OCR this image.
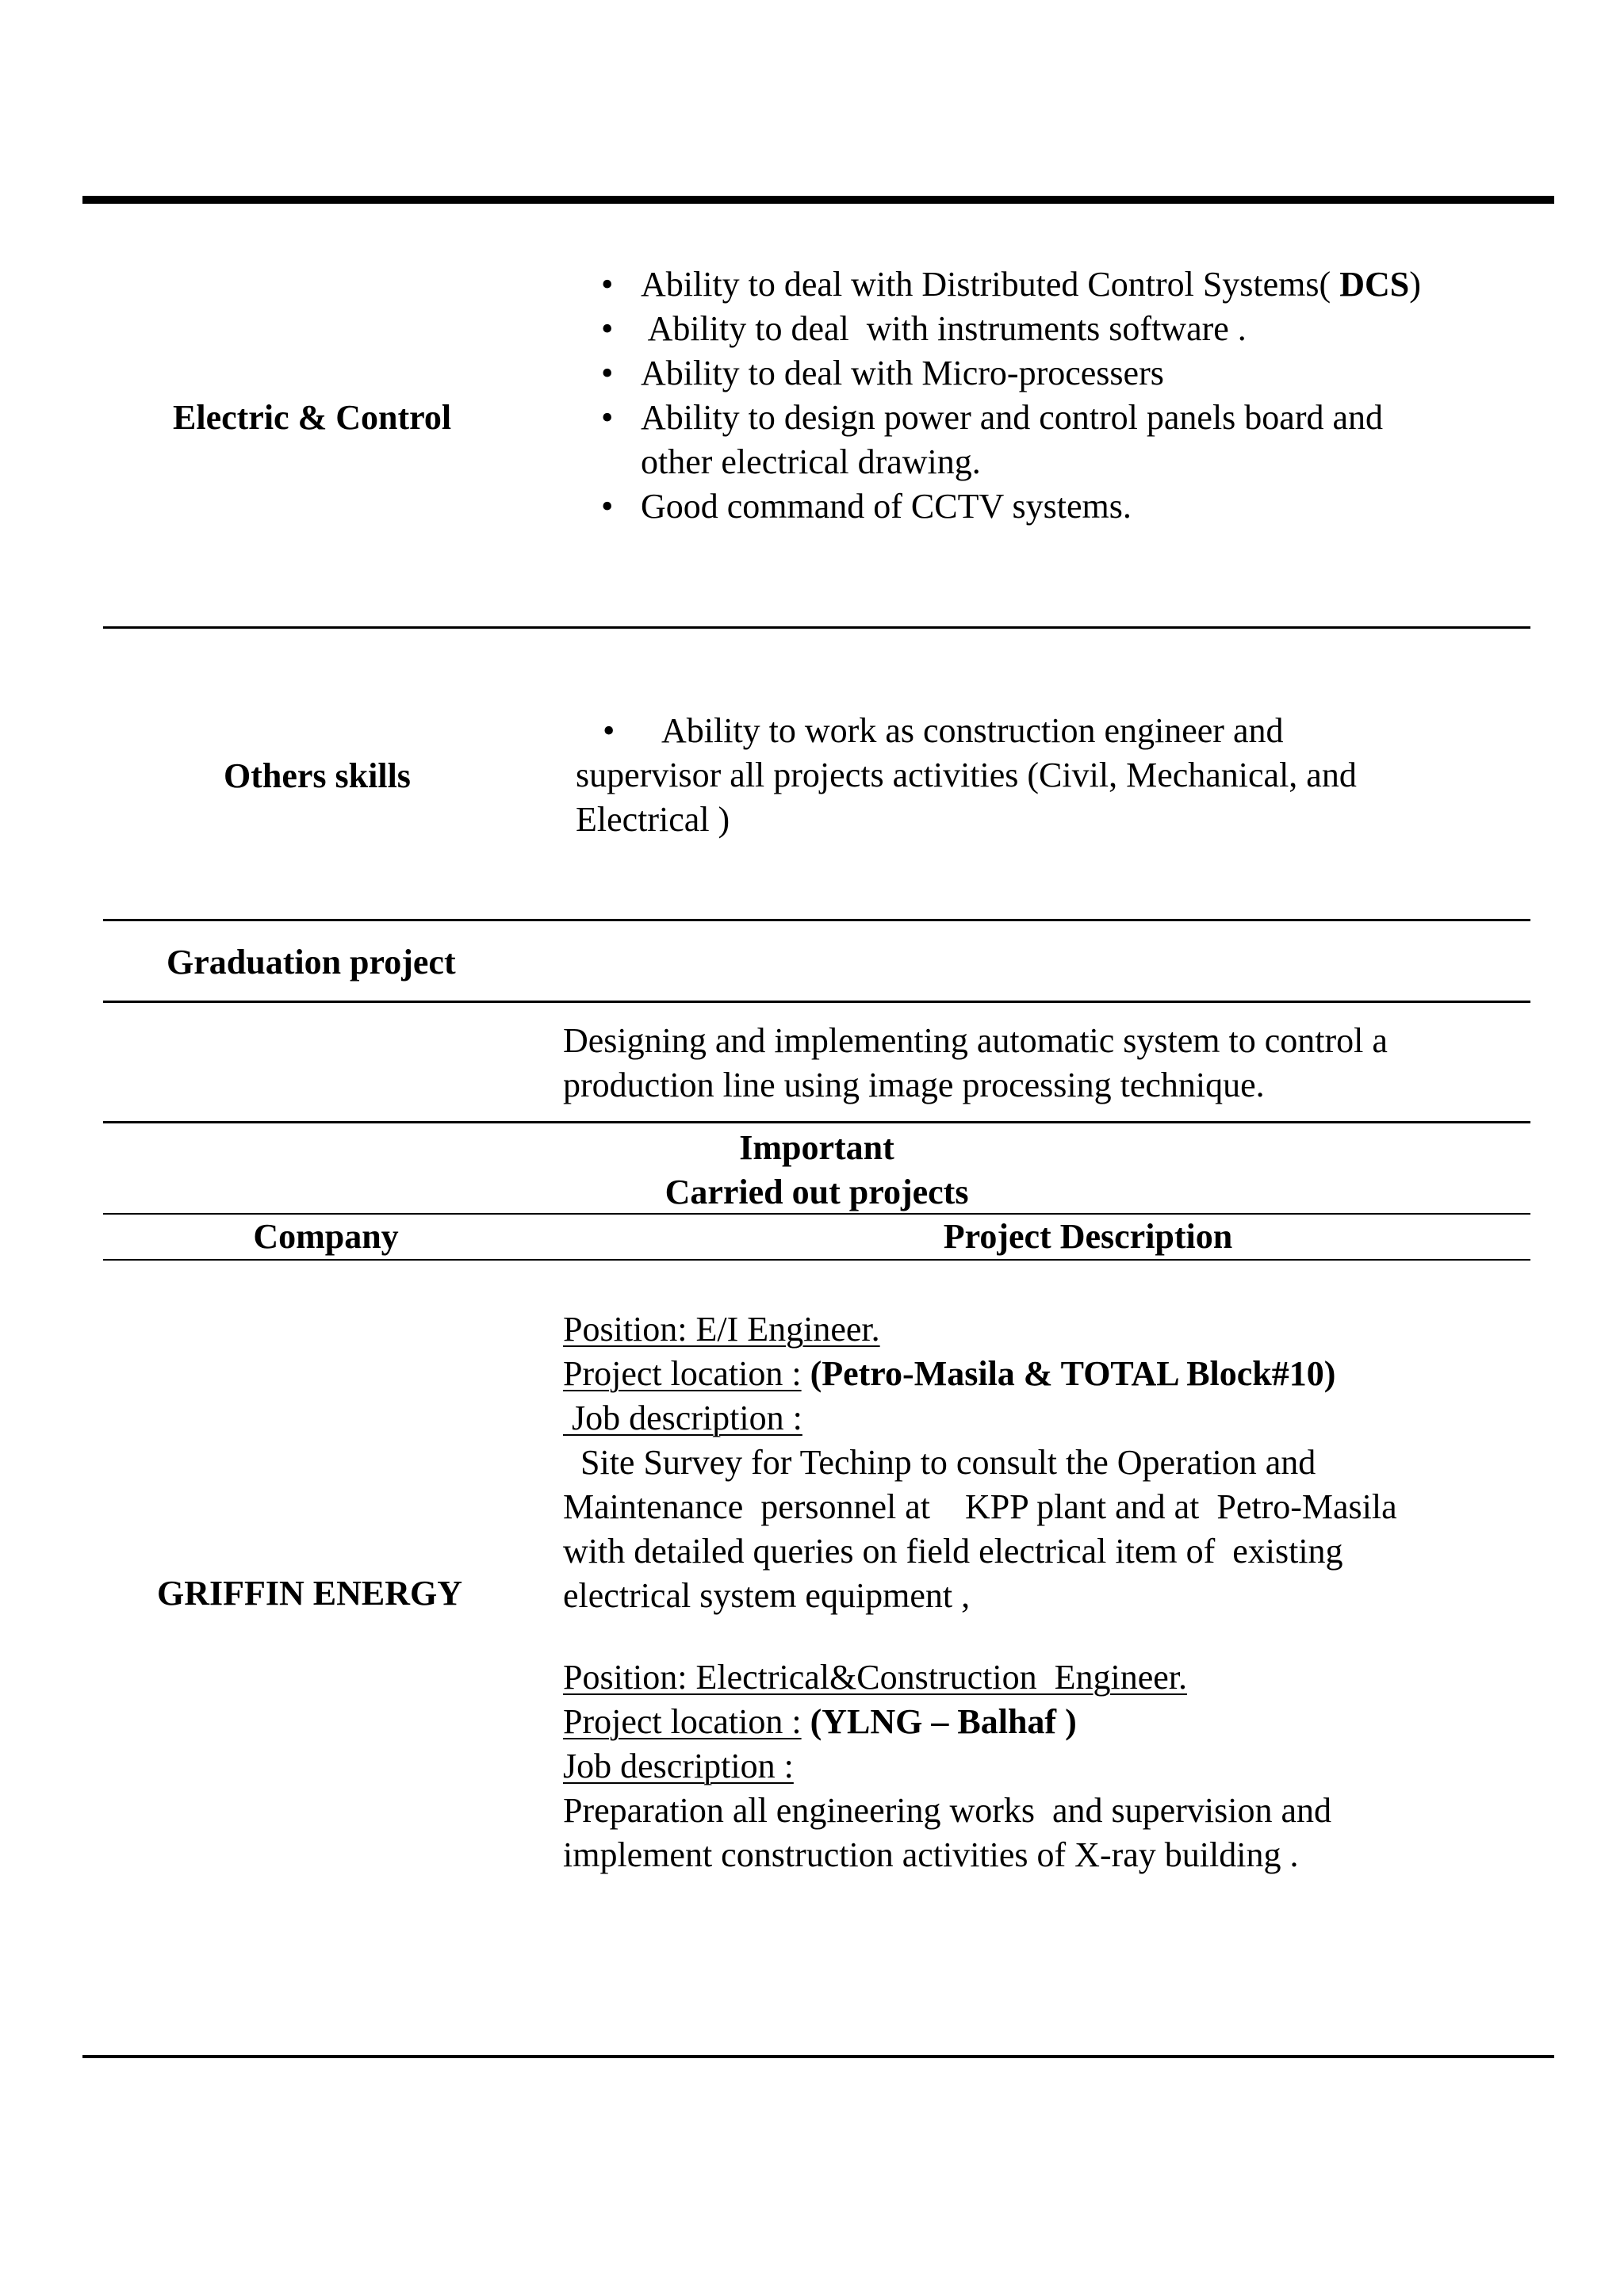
Electric & Control
• Ability to deal with Distributed Control Systems( DCS)
• Ability to deal  with instruments software .
• Ability to deal with Micro-processers
• Ability to design power and control panels board and
other electrical drawing.
• Good command of CCTV systems.
Others skills
• Ability to work as construction engineer and
supervisor all projects activities (Civil, Mechanical, and
Electrical )
Graduation project
Designing and implementing automatic system to control a
production line using image processing technique.
Important
Carried out projects
Company	Project Description
GRIFFIN ENERGY
Position: E/I Engineer.
Project location : (Petro-Masila & TOTAL Block#10)
Job description :
Site Survey for Techinp to consult the Operation and
Maintenance  personnel at    KPP plant and at  Petro-Masila
with detailed queries on field electrical item of  existing
electrical system equipment ,
Position: Electrical&Construction  Engineer.
Project location : (YLNG – Balhaf )
Job description :
Preparation all engineering works  and supervision and
implement construction activities of X-ray building .
